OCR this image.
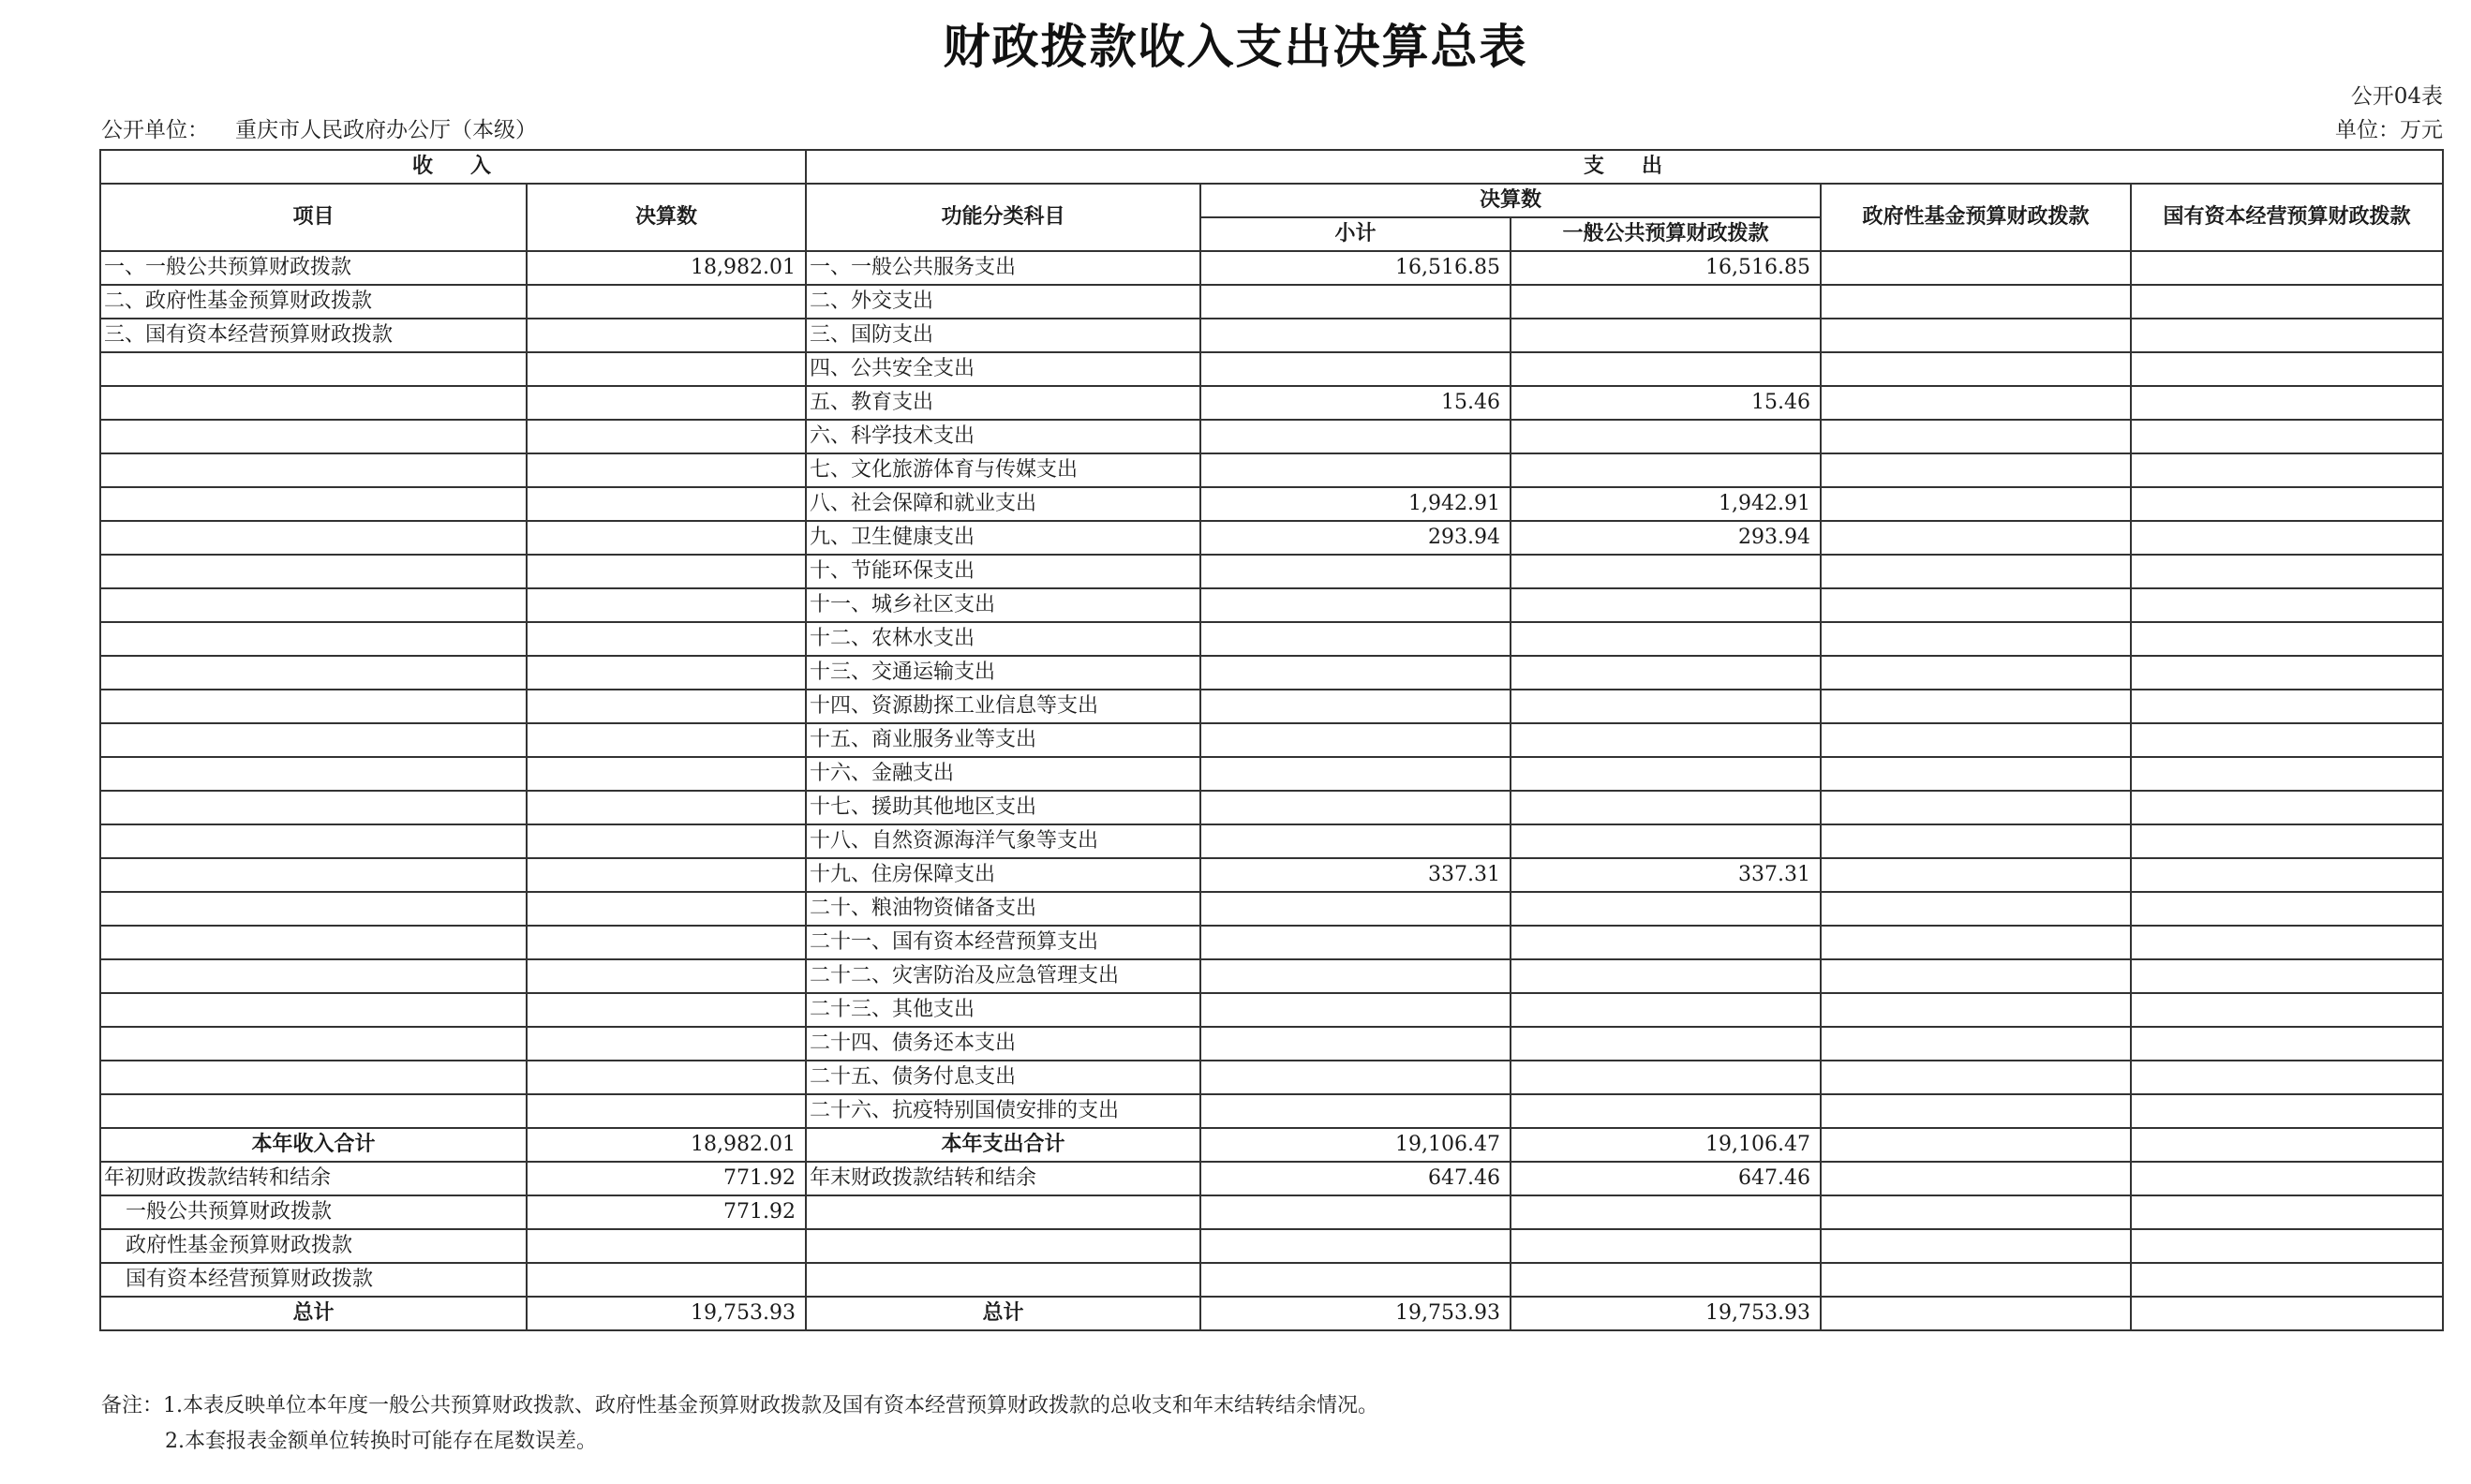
财政拨款收入支出决算总表
公开04表
公开单位： 重庆市人民政府办公厅（本级）	单位：万元
收入		支出				
项目	决算数	功能分类科目	决算数		政府性基金预算财政拨款	国有资本经营预算财政拨款
			小计	一般公共预算财政拨款		
一、一般公共预算财政拨款	18,982.01	一、一般公共服务支出	16,516.85	16,516.85		
二、政府性基金预算财政拨款		二、外交支出				
三、国有资本经营预算财政拨款		三、国防支出				
		四、公共安全支出				
		五、教育支出	15.46	15.46		
		六、科学技术支出				
		七、文化旅游体育与传媒支出				
		八、社会保障和就业支出	1,942.91	1,942.91		
		九、卫生健康支出	293.94	293.94		
		十、节能环保支出				
		十一、城乡社区支出				
		十二、农林水支出				
		十三、交通运输支出				
		十四、资源勘探工业信息等支出				
		十五、商业服务业等支出				
		十六、金融支出				
		十七、援助其他地区支出				
		十八、自然资源海洋气象等支出				
		十九、住房保障支出	337.31	337.31		
		二十、粮油物资储备支出				
		二十一、国有资本经营预算支出				
		二十二、灾害防治及应急管理支出				
		二十三、其他支出				
		二十四、债务还本支出				
		二十五、债务付息支出				
		二十六、抗疫特别国债安排的支出				
本年收入合计	18,982.01	本年支出合计	19,106.47	19,106.47		
年初财政拨款结转和结余	771.92	年末财政拨款结转和结余	647.46	647.46		
一般公共预算财政拨款	771.92					
政府性基金预算财政拨款						
国有资本经营预算财政拨款						
总计	19,753.93	总计	19,753.93	19,753.93		
备注：1.本表反映单位本年度一般公共预算财政拨款、政府性基金预算财政拨款及国有资本经营预算财政拨款的总收支和年末结转结余情况。
2.本套报表金额单位转换时可能存在尾数误差。
